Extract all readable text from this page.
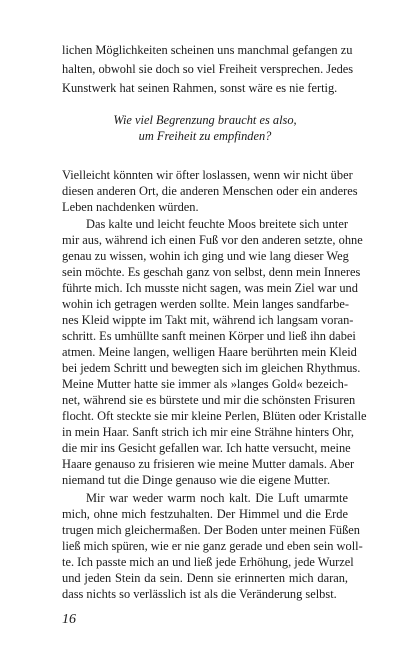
lichen Möglichkeiten scheinen uns manchmal gefangen zu
halten, obwohl sie doch so viel Freiheit versprechen. Jedes
Kunstwerk hat seinen Rahmen, sonst wäre es nie fertig.
Wie viel Begrenzung braucht es also,
um Freiheit zu empfinden?
Vielleicht könnten wir öfter loslassen, wenn wir nicht über
diesen anderen Ort, die anderen Menschen oder ein anderes
Leben nachdenken würden.
Das kalte und leicht feuchte Moos breitete sich unter
mir aus, während ich einen Fuß vor den anderen setzte, ohne
genau zu wissen, wohin ich ging und wie lang dieser Weg
sein möchte. Es geschah ganz von selbst, denn mein Inneres
führte mich. Ich musste nicht sagen, was mein Ziel war und
wohin ich getragen werden sollte. Mein langes sandfarbe-
nes Kleid wippte im Takt mit, während ich langsam voran-
schritt. Es umhüllte sanft meinen Körper und ließ ihn dabei
atmen. Meine langen, welligen Haare berührten mein Kleid
bei jedem Schritt und bewegten sich im gleichen Rhythmus.
Meine Mutter hatte sie immer als »langes Gold« bezeich-
net, während sie es bürstete und mir die schönsten Frisuren
flocht. Oft steckte sie mir kleine Perlen, Blüten oder Kristalle
in mein Haar. Sanft strich ich mir eine Strähne hinters Ohr,
die mir ins Gesicht gefallen war. Ich hatte versucht, meine
Haare genauso zu frisieren wie meine Mutter damals. Aber
niemand tut die Dinge genauso wie die eigene Mutter.
Mir war weder warm noch kalt. Die Luft umarmte
mich, ohne mich festzuhalten. Der Himmel und die Erde
trugen mich gleichermaßen. Der Boden unter meinen Füßen
ließ mich spüren, wie er nie ganz gerade und eben sein woll-
te. Ich passte mich an und ließ jede Erhöhung, jede Wurzel
und jeden Stein da sein. Denn sie erinnerten mich daran,
dass nichts so verlässlich ist als die Veränderung selbst.
16
